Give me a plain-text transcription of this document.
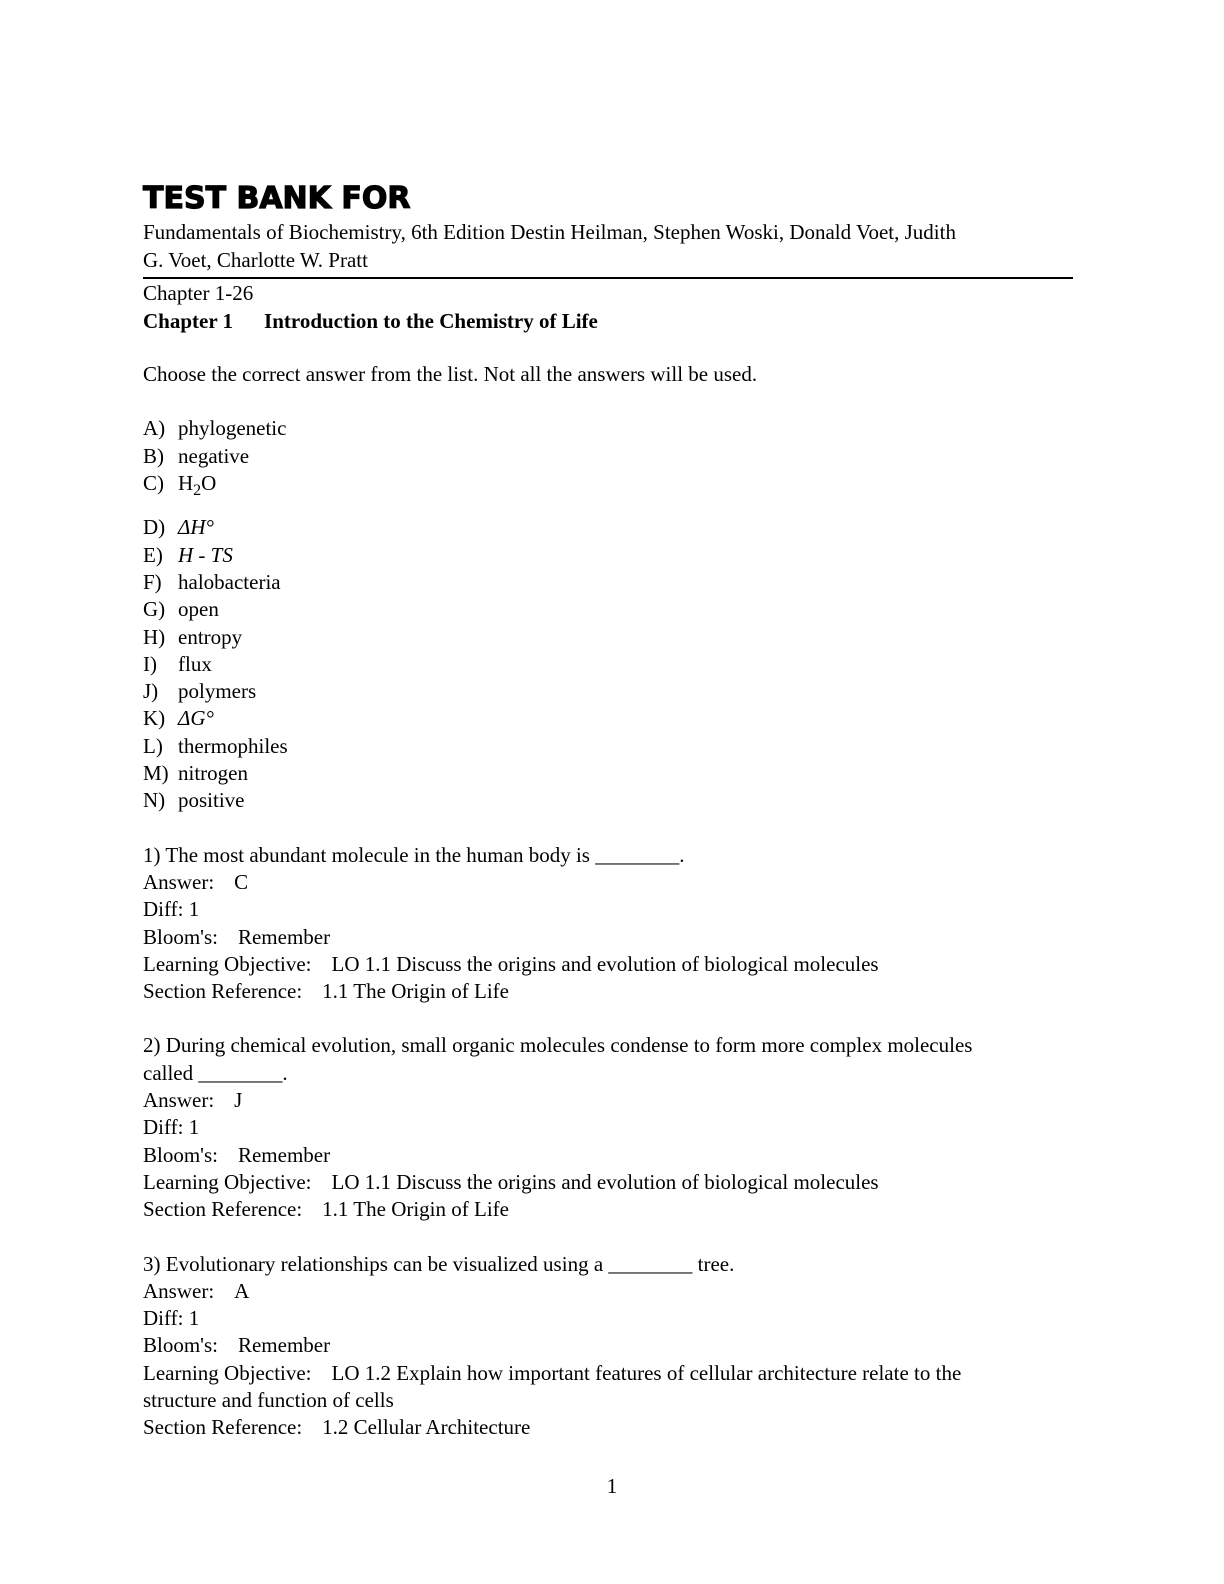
TEST BANK FOR

Fundamentals of Biochemistry, 6th Edition Destin Heilman, Stephen Woski, Donald Voet, Judith

G. Voet, Charlotte W. Pratt

Chapter 1-26

Chapter 1 Introduction to the Chemistry of Life

Choose the correct answer from the list. Not all the answers will be used.

A) phylogenetic

B) negative

C) $H_2O$

D) ΔH°

E) H - TS

F) halobacteria

G) open

H) entropy

I) flux

J) polymers

K) ΔG°

L) thermophiles

M) nitrogen

N) positive

1) The most abundant molecule in the human body is ________.

Answer: C

Diff: 1

Bloom's: Remember

Learning Objective: LO 1.1 Discuss the origins and evolution of biological molecules

Section Reference: 1.1 The Origin of Life

2) During chemical evolution, small organic molecules condense to form more complex molecules

called ________.

Answer: J

Diff: 1

Bloom's: Remember

Learning Objective: LO 1.1 Discuss the origins and evolution of biological molecules

Section Reference: 1.1 The Origin of Life

3) Evolutionary relationships can be visualized using a ________ tree.

Answer: A

Diff: 1

Bloom's: Remember

Learning Objective: LO 1.2 Explain how important features of cellular architecture relate to the

structure and function of cells

Section Reference: 1.2 Cellular Architecture

1
